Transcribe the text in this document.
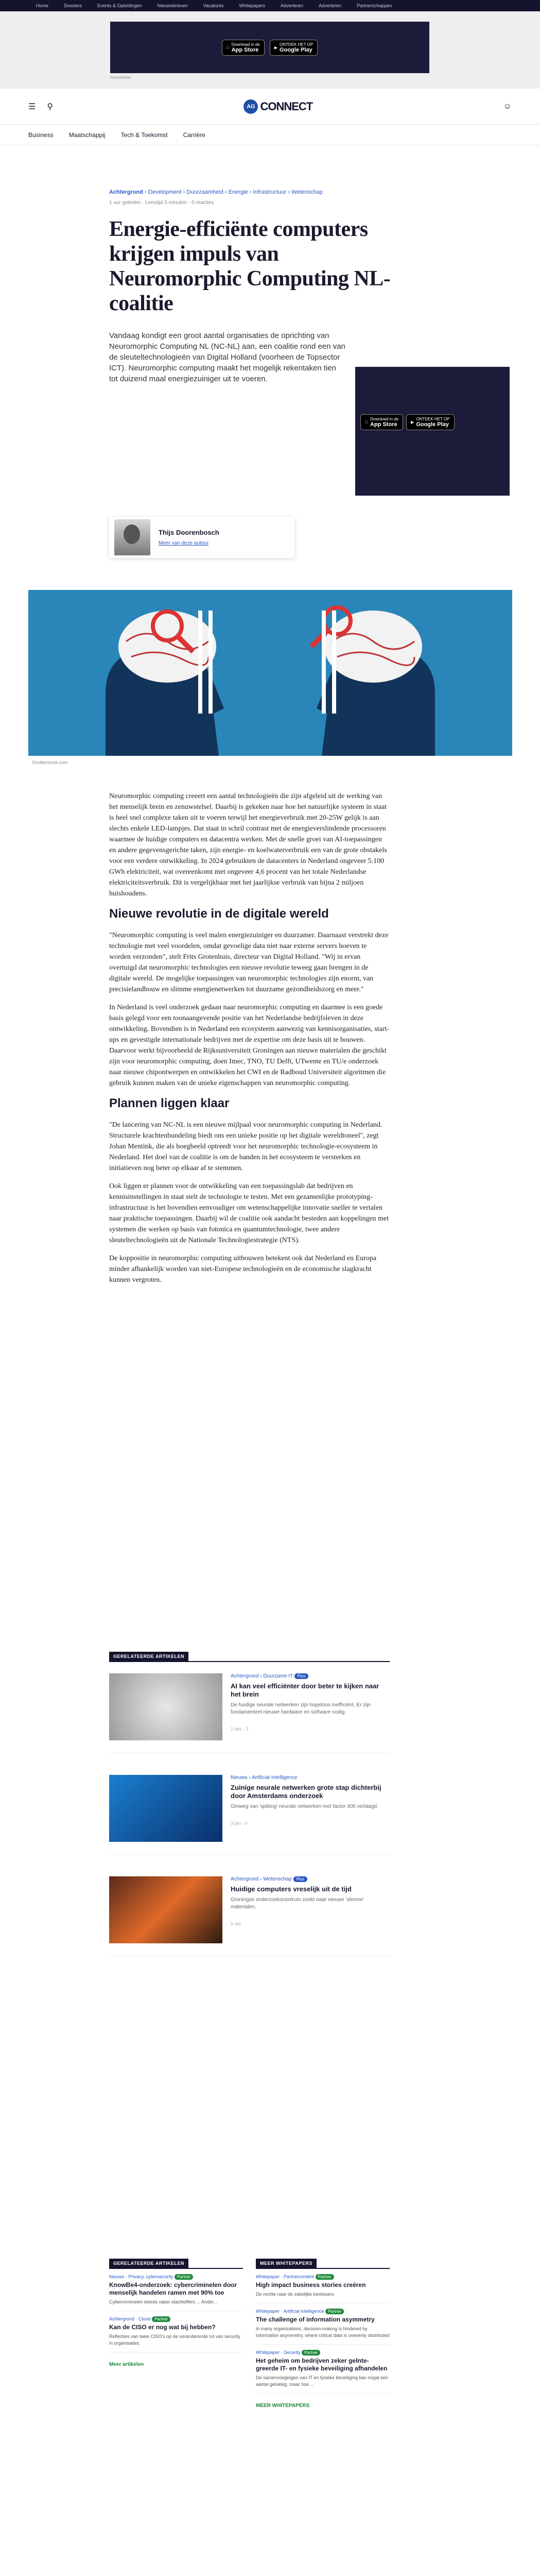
Home	Dossiers	Events & Opleidingen	Nieuwsbrieven	Vacatures	Whitepapers	Adverteren	Adverteren	Partnerschappen
Download in de
App Store	▶
ONTDEK HET OP
Google Play
Advertentie
☰ ⚲	AG CONNECT	☺
Business	Maatschappij	Tech & Toekomst	Carrière
Achtergrond › Development › Duurzaamheid › Energie › Infrastructuur › Wetenschap
1 uur geleden · Leestijd 3 minuten · 0 reacties
Energie-efficiënte computers krijgen impuls van Neuromorphic Computing NL-coalitie

Vandaag kondigt een groot aantal organisaties de oprichting van Neuromorphic Computing NL (NC-NL) aan, een coalitie rond een van de sleuteltechnologieën van Digital Holland (voorheen de Topsector ICT). Neuromorphic computing maakt het mogelijk rekentaken tien tot duizend maal energiezuiniger uit te voeren.

Download in de
App Store	▶
ONTDEK HET OP
Google Play
Thijs Doorenbosch
Meer van deze auteur
Shutterstock.com

Neuromorphic computing creeert een aantal technologieën die zijn afgeleid uit de werking van het menselijk brein en zenuwstelsel. Daarbij is gekeken naar hoe het natuurlijke systeem in staat is heel snel complexe taken uit te voeren terwijl het energieverbruik met 20-25W gelijk is aan slechts enkele LED-lampjes. Dat staat in schril contrast met de energieverslindende processoren waarmee de huidige computers en datacentra werken. Met de snelle groei van AI-toepassingen en andere gegevensgerichte taken, zijn energie- en koelwaterverbruik een van de grote obstakels voor een verdere ontwikkeling. In 2024 gebruikten de datacenters in Nederland ongeveer 5.100 GWh elektriciteit, wat overeenkomt met ongeveer 4,6 procent van het totale Nederlandse elektriciteitsverbruik. Dit is vergelijkbaar met het jaarlijkse verbruik van bijna 2 miljoen huishoudens.

Nieuwe revolutie in de digitale wereld

"Neuromorphic computing is veel malen energiezuiniger en duurzamer. Daarnaast verstrekt deze technologie met veel voordelen, omdat gevoelige data niet naar externe servers hoeven te worden verzonden", stelt Frits Grotenhuis, directeur van Digital Holland. "Wij in ervan overtuigd dat neuromorphic technologies een nieuwe revolutie teweeg gaan brengen in de digitale wereld. De mogelijke toepassingen van neuromorphic technologies zijn enorm, van precisielandbouw en slimme energienetwerken tot duurzame gezondheidszorg en meer."

In Nederland is veel onderzoek gedaan naar neuromorphic computing en daarmee is een goede basis gelegd voor een toonaangevende positie van het Nederlandse bedrijfsleven in deze ontwikkeling. Bovendien is in Nederland een ecosysteem aanwezig van kennisorganisaties, start-ups en gevestigde internationale bedrijven met de expertise om deze basis uit te bouwen. Daarvoor werkt bijvoorbeeld de Rijksuniversiteit Groningen aan nieuwe materialen die geschikt zijn voor neuromorphic computing, doen Imec, TNO, TU Delft, UTwente en TU/e onderzoek naar nieuwe chipontwerpen en ontwikkelen het CWI en de Radboud Universiteit algoritmen die gebruik kunnen maken van de unieke eigenschappen van neuromorphic computing.

Plannen liggen klaar

"De lancering van NC-NL is een nieuwe mijlpaal voor neuromorphic computing in Nederland. Structurele krachtenbundeling biedt ons een unieke positie op het digitale wereldtoneel", zegt Johan Mentink, die als boegbeeld optreedt voor het neuromorphic technologie-ecosysteem in Nederland. Het doel van de coalitie is om de banden in het ecosysteem te versterken en initiatieven nog beter op elkaar af te stemmen.

Ook liggen er plannen voor de ontwikkeling van een toepassingslab dat bedrijven en kennisinstellingen in staat stelt de technologie te testen. Met een gezamenlijke prototyping-infrastructuur is het bovendien eenvoudiger om wetenschappelijke innovatie sneller te vertalen naar praktische toepassingen. Daarbij wil de coalitie ook aandacht besteden aan koppelingen met systemen die werken op basis van fotonica en quantumtechnologie, twee andere sleuteltechnologieën uit de Nationale Technologiestrategie (NTS).

De koppositie in neuromorphic computing uitbouwen betekent ook dat Nederland en Europa minder afhankelijk worden van niet-Europese technologieën en de economische slagkracht kunnen vergroten.

GERELATEERDE ARTIKELEN
Achtergrond › Duurzame IT Plus
AI kan veel efficiënter door beter te kijken naar het brein
De huidige neurale netwerken zijn hopeloos inefficiënt. Er zijn fundamenteel nieuwe hardware en software nodig.
2 dec · 1
Nieuws › Artificial Intelligence
Zuinige neurale netwerken grote stap dichterbij door Amsterdams onderzoek
Omweg van 'spiking' neurale netwerken met factor 400 verlaagd.
3 jan · 0
Achtergrond › Wetenschap Plus
Huidige computers vreselijk uit de tijd
Groningse onderzoekscentrum zoekt naar nieuwe 'slimme' materialen.
5 okt
GERELATEERDE ARTIKELEN
Nieuws · Privacy, cybersecurity Partner
KnowBe4-onderzoek: cybercriminelen door menselijk handelen ramen met 90% toe
Cybercriminelen steeds vaker slachtoffers ... Ander...
Achtergrond · Cloud Partner
Kan de CISO er nog wat bij hebben?
Reflecties van twee CISO's op de veranderende rol van security in organisaties.
Meer artikelen
MEER WHITEPAPERS
Whitepaper · Partnercontent Partner
High impact business stories creëren
De rechte naar de zakelijke beslissers
Whitepaper · Artificial intelligence Partner
The challenge of information asymmetry
In many organizations, decision-making is hindered by information asymmetry, where critical data is unevenly distributed
Whitepaper · Security Partner
Het geheim om bedrijven zeker gelnte-greerde IT- en fysieke beveiliging afhandelen
De samenvoegingen van IT en fysieke beveiliging kan nogal een aantal gelukkig, maar hoe ...
MEER WHITEPAPERS
